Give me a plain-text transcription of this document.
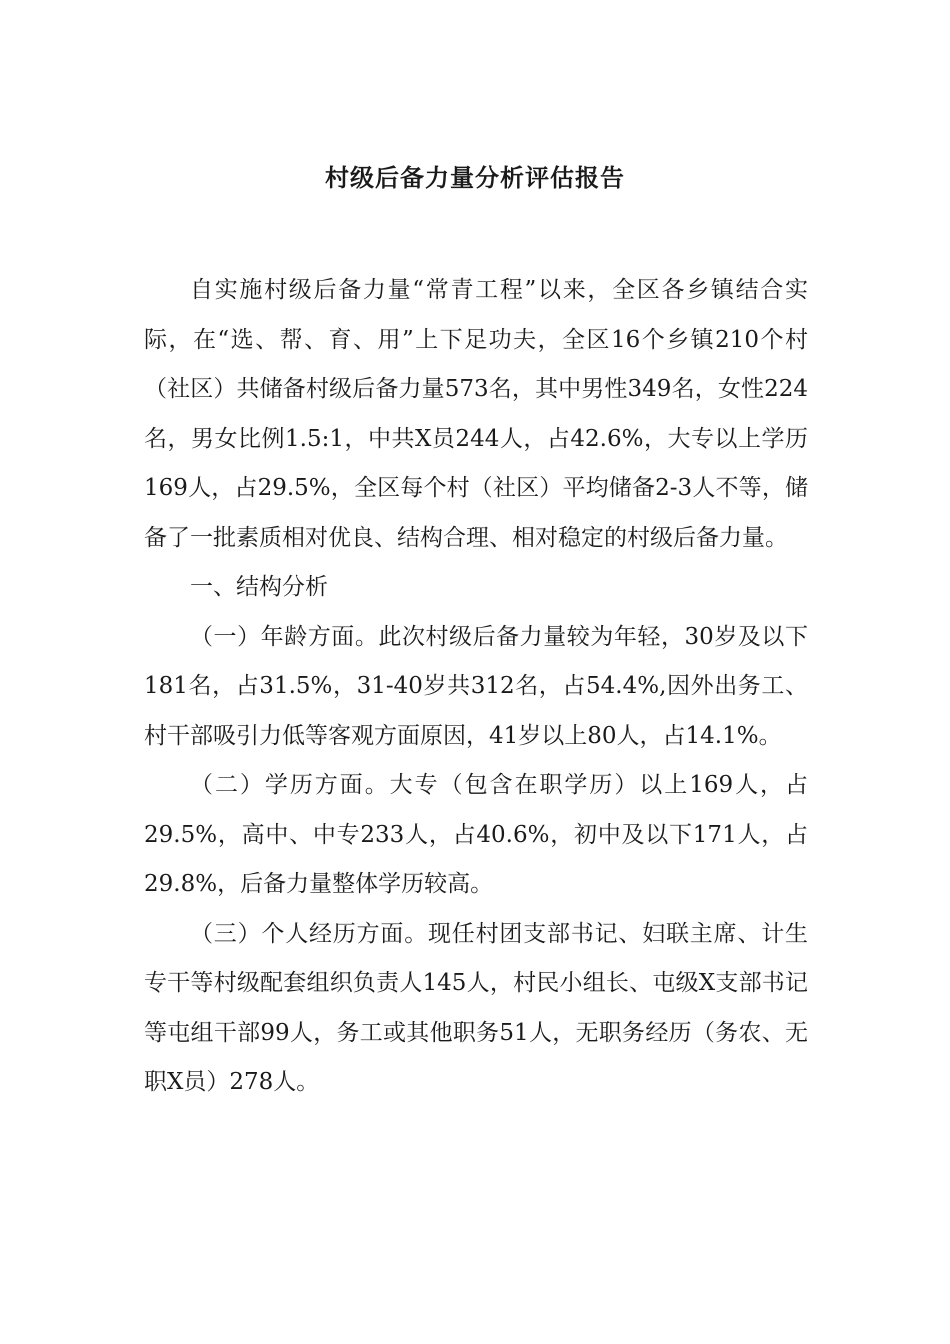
村级后备力量分析评估报告

自实施村级后备力量“常青工程”以来，全区各乡镇结合实际，在“选、帮、育、用”上下足功夫，全区16个乡镇210个村（社区）共储备村级后备力量573名，其中男性349名，女性224名，男女比例1.5:1，中共X员244人，占42.6%，大专以上学历169人，占29.5%，全区每个村（社区）平均储备2-3人不等，储备了一批素质相对优良、结构合理、相对稳定的村级后备力量。

一、结构分析

（一）年龄方面。此次村级后备力量较为年轻，30岁及以下181名，占31.5%，31-40岁共312名，占54.4%,因外出务工、村干部吸引力低等客观方面原因，41岁以上80人，占14.1%。

（二）学历方面。大专（包含在职学历）以上169人，占29.5%，高中、中专233人，占40.6%，初中及以下171人，占29.8%，后备力量整体学历较高。

（三）个人经历方面。现任村团支部书记、妇联主席、计生专干等村级配套组织负责人145人，村民小组长、屯级X支部书记等屯组干部99人，务工或其他职务51人，无职务经历（务农、无职X员）278人。
